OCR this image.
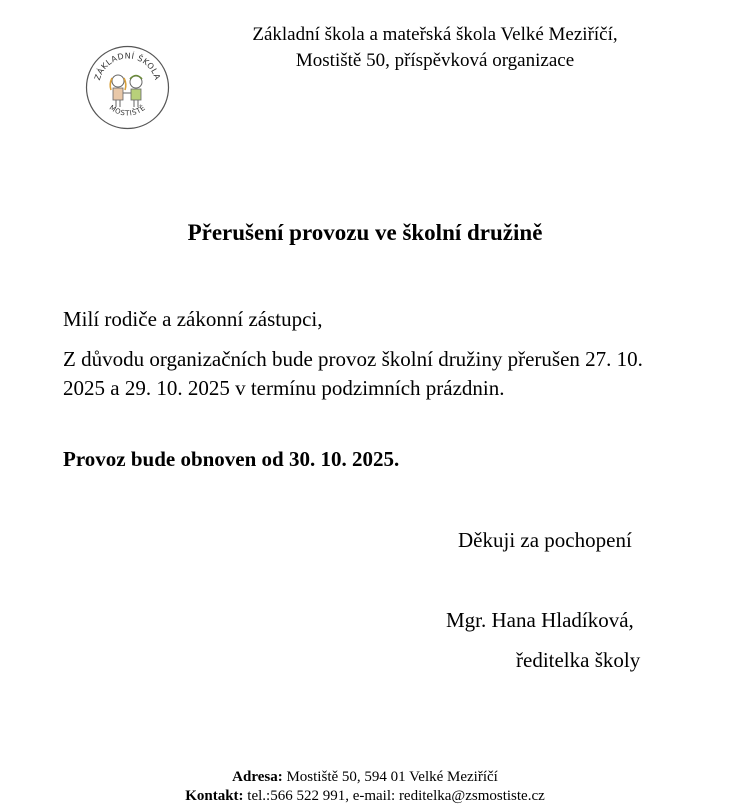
ZÁKLADNÍ ŠKOLA
MOSTIŠTĚ
Základní škola a mateřská škola Velké Meziříčí,
Mostiště 50, příspěvková organizace
Přerušení provozu ve školní družině
Milí rodiče a zákonní zástupci,
Z důvodu organizačních bude provoz školní družiny přerušen 27. 10. 2025 a 29. 10. 2025 v termínu podzimních prázdnin.
Provoz bude obnoven od 30. 10. 2025.
Děkuji za pochopení
Mgr. Hana Hladíková,
ředitelka školy
Adresa: Mostiště 50, 594 01 Velké Meziříčí
Kontakt: tel.:566 522 991, e-mail: reditelka@zsmostiste.cz
